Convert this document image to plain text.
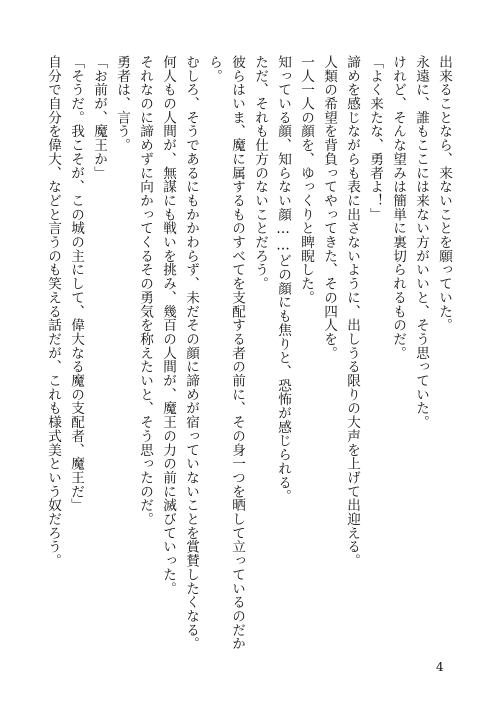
出来ることなら、来ないことを願っていた。
永遠に、誰もここには来ない方がいいと、そう思っていた。
けれど、そんな望みは簡単に裏切られるものだ。
「よく来たな、勇者よ！」
諦めを感じながらも表に出さないように、出しうる限りの大声を上げて出迎える。
人類の希望を背負ってやってきた、その四人を。
一人一人の顔を、ゆっくりと睥睨した。
知っている顔、知らない顔……どの顔にも焦りと、恐怖が感じられる。
ただ、それも仕方のないことだろう。
彼らはいま、魔に属するものすべてを支配する者の前に、その身一つを晒して立っているのだか
ら。
むしろ、そうであるにもかかわらず、未だその顔に諦めが宿っていないことを賞賛したくなる。
何人もの人間が、無謀にも戦いを挑み、幾百の人間が、魔王の力の前に滅びていった。
それなのに諦めずに向かってくるその勇気を称えたいと、そう思ったのだ。
勇者は、言う。
「お前が、魔王か」
「そうだ。我こそが、この城の主にして、偉大なる魔の支配者、魔王だ」
自分で自分を偉大、などと言うのも笑える話だが、これも様式美という奴だろう。
4
